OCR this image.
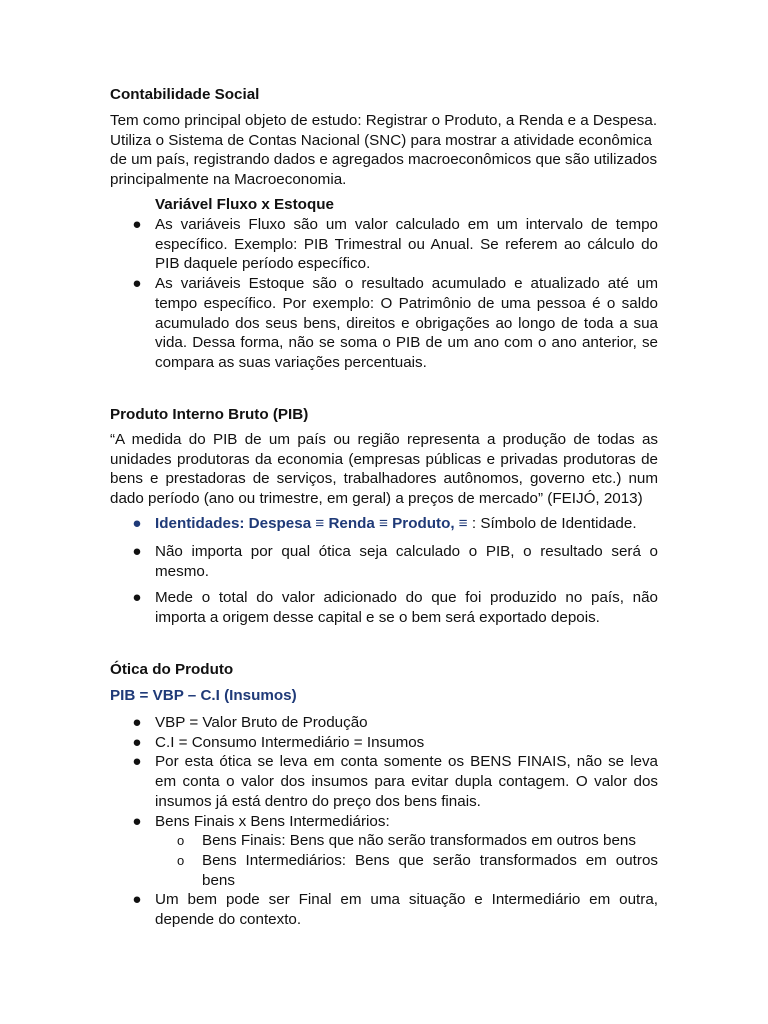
Contabilidade Social

Tem como principal objeto de estudo: Registrar o Produto, a Renda e a Despesa. Utiliza o Sistema de Contas Nacional (SNC) para mostrar a atividade econômica de um país, registrando dados e agregados macroeconômicos que são utilizados principalmente na Macroeconomia.

Variável Fluxo x Estoque

● As variáveis Fluxo são um valor calculado em um intervalo de tempo específico. Exemplo: PIB Trimestral ou Anual. Se referem ao cálculo do PIB daquele período específico.
● As variáveis Estoque são o resultado acumulado e atualizado até um tempo específico. Por exemplo: O Patrimônio de uma pessoa é o saldo acumulado dos seus bens, direitos e obrigações ao longo de toda a sua vida. Dessa forma, não se soma o PIB de um ano com o ano anterior, se compara as suas variações percentuais.

Produto Interno Bruto (PIB)

“A medida do PIB de um país ou região representa a produção de todas as unidades produtoras da economia (empresas públicas e privadas produtoras de bens e prestadoras de serviços, trabalhadores autônomos, governo etc.) num dado período (ano ou trimestre, em geral) a preços de mercado” (FEIJÓ, 2013)

● Identidades: Despesa ≡ Renda ≡ Produto, ≡ : Símbolo de Identidade.
● Não importa por qual ótica seja calculado o PIB, o resultado será o mesmo.
● Mede o total do valor adicionado do que foi produzido no país, não importa a origem desse capital e se o bem será exportado depois.

Ótica do Produto

PIB = VBP – C.I (Insumos)

● VBP = Valor Bruto de Produção
● C.I = Consumo Intermediário = Insumos
● Por esta ótica se leva em conta somente os BENS FINAIS, não se leva em conta o valor dos insumos para evitar dupla contagem. O valor dos insumos já está dentro do preço dos bens finais.
● Bens Finais x Bens Intermediários:
o Bens Finais: Bens que não serão transformados em outros bens
o Bens Intermediários: Bens que serão transformados em outros bens
● Um bem pode ser Final em uma situação e Intermediário em outra, depende do contexto.
